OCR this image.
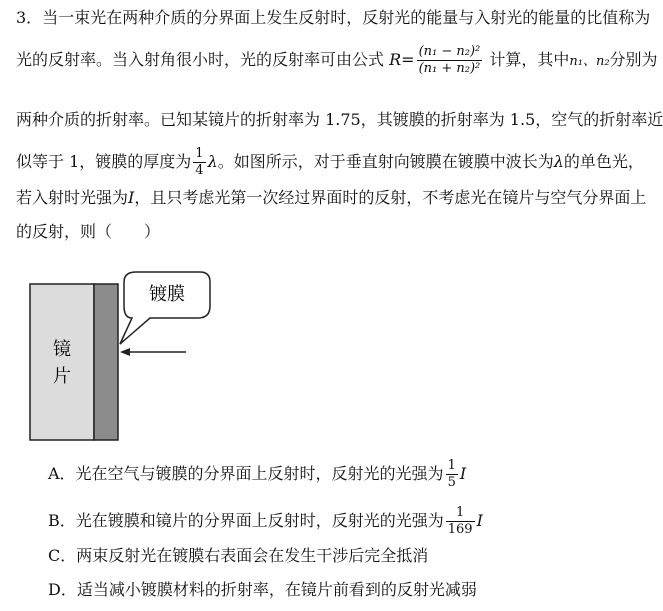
3．当一束光在两种介质的分界面上发生反射时，反射光的能量与入射光的能量的比值称为
光的反射率。当入射角很小时，光的反射率可由公式 $R= \frac{\text{(n₁ − n₂)²}}{\text{(n₁ + n₂)²}}$ 计算，其中n₁、n₂分别为
两种介质的折射率。已知某镜片的折射率为 1.75，其镀膜的折射率为 1.5，空气的折射率近
似等于 1，镀膜的厚度为 $\frac{1}{4}$ λ。如图所示，对于垂直射向镀膜在镀膜中波长为λ的单色光，
若入射时光强为I，且只考虑光第一次经过界面时的反射，不考虑光在镜片与空气分界面上
的反射，则（　　）
镀膜
镜
片
A．光在空气与镀膜的分界面上反射时，反射光的光强为 $\frac{1}{5}$ I
B．光在镀膜和镜片的分界面上反射时，反射光的光强为 $\frac{1}{169}$ I
C．两束反射光在镀膜右表面会在发生干涉后完全抵消
D．适当减小镀膜材料的折射率，在镜片前看到的反射光减弱
